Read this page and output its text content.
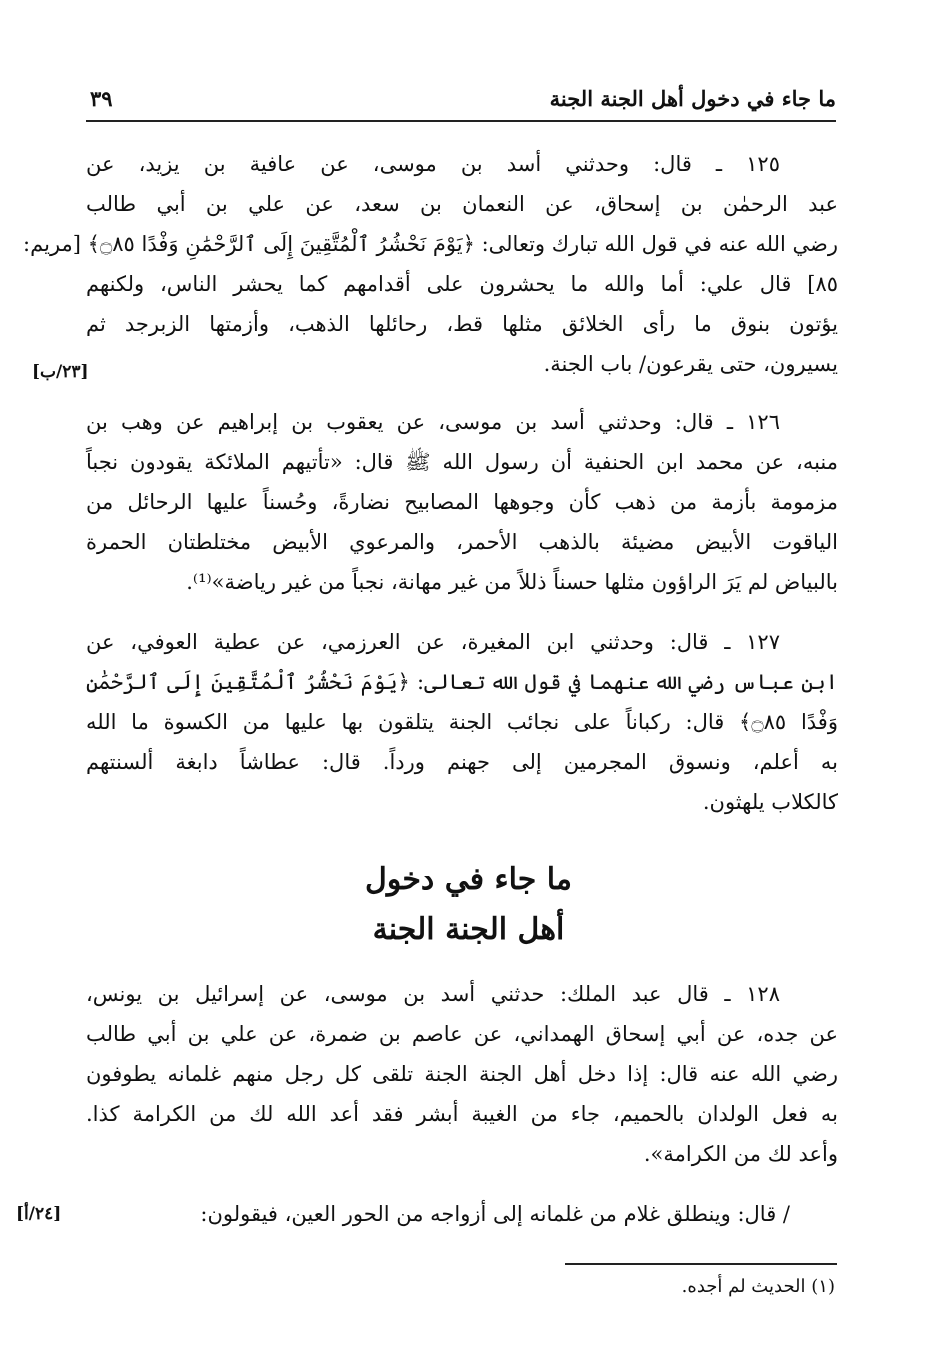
ما جاء في دخول أهل الجنة الجنة
٣٩
١٢٥ ـ قال: وحدثني أسد بن موسى، عن عافية بن يزيد، عن
عبد الرحمٰن بن إسحاق، عن النعمان بن سعد، عن علي بن أبي طالب
رضي الله عنه في قول الله تبارك وتعالى: ﴿يَوْمَ نَحْشُرُ ٱلْمُتَّقِينَ إِلَى ٱلرَّحْمَٰنِ وَفْدًا ۝٨٥﴾ [مريم:
٨٥] قال علي: أما والله ما يحشرون على أقدامهم كما يحشر الناس، ولكنهم
يؤتون بنوق ما رأى الخلائق مثلها قط، رحائلها الذهب، وأزمتها الزبرجد ثم
يسيرون، حتى يقرعون/ باب الجنة.
[٢٣/ب]
١٢٦ ـ قال: وحدثني أسد بن موسى، عن يعقوب بن إبراهيم عن وهب بن
منبه، عن محمد ابن الحنفية أن رسول الله ﷺ قال: «تأتيهم الملائكة يقودون نجباً
مزمومة بأزمة من ذهب كأن وجوهها المصابيح نضارةً، وحُسناً عليها الرحائل من
الياقوت الأبيض مضيئة بالذهب الأحمر، والمرعوي الأبيض مختلطتان الحمرة
بالبياض لم يَرَ الراؤون مثلها حسناً ذللاً من غير مهانة، نجباً من غير رياضة»⁽¹⁾.
١٢٧ ـ قال: وحدثني ابن المغيرة، عن العرزمي، عن عطية العوفي، عن
ابن عباس رضي الله عنهما في قول الله تعالى: ﴿يَوْمَ نَحْشُرُ ٱلْمُتَّقِينَ إِلَى ٱلرَّحْمَٰنِ
وَفْدًا ۝٨٥﴾ قال: ركباناً على نجائب الجنة يتلقون بها عليها من الكسوة ما الله
به أعلم، ونسوق المجرمين إلى جهنم ورداً. قال: عطاشاً دابغة ألسنتهم
كالكلاب يلهثون.
ما جاء في دخول
أهل الجنة الجنة
١٢٨ ـ قال عبد الملك: حدثني أسد بن موسى، عن إسرائيل بن يونس،
عن جده، عن أبي إسحاق الهمداني، عن عاصم بن ضمرة، عن علي بن أبي طالب
رضي الله عنه قال: إذا دخل أهل الجنة الجنة تلقى كل رجل منهم غلمانه يطوفون
به فعل الولدان بالحميم، جاء من الغيبة أبشر فقد أعد الله لك من الكرامة كذا.
وأعد لك من الكرامة».
/ قال: وينطلق غلام من غلمانه إلى أزواجه من الحور العين، فيقولون:
[٢٤/أ]
(١) الحديث لم أجده.
